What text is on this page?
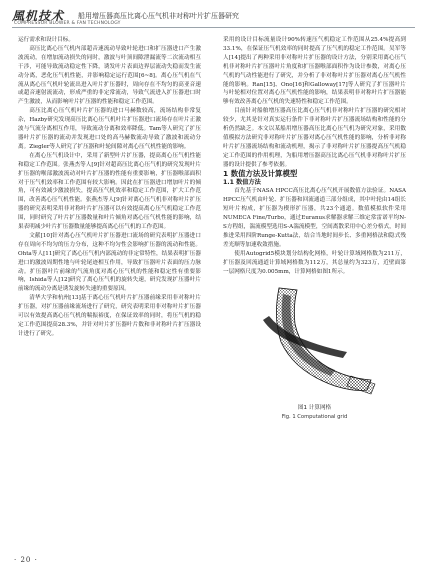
風机技术
COMPRESSOR BLOWER & FAN TECHNOLOGY
船用增压器高压比离心压气机非对称叶片扩压器研究

运行需求和设计目标。

高压比离心压气机内部超音速流动导致叶轮进口和扩压器进口产生激波流动，在增加流动损失的同时，激波与叶顶间隙泄漏流等二次流动相互干涉，可能导致流动稳定性下降，诱发叶片表面边界层流动失稳而发生流动分离，恶化压气机性能，并影响稳定运行范围[6~8]。离心压气机在气流从离心压气机叶轮流出进入叶片扩压器时，周向存在不均匀的高亚音速或超音速射流流动，形成严重的非定常流动，导致气流进入扩压器进口时产生激波，从而影响叶片扩压器的性能和稳定工作范围。

高压比离心压气机叶片扩压器的进口马赫数较高，流场结构非常复杂，Hazby研究发现高压比离心压气机叶片扩压器进口流场存在叶片正激波与气流分离相互作用，导致流动分离和效率降低。Tam等人研究了扩压器叶片扩压器的流动并发现进口处的高马赫数流动导致了激波和流动分离。Ziegler等人研究了扩压器和叶轮间隙对离心压气机性能的影响。

在离心压气机设计中，采用了新型叶片扩压器，提高离心压气机性能和稳定工作范围。张燕杰等人[9]针对超高压比离心压气机的研究发现叶片扩压器的喉部激波流动对叶片扩压器的性能有重要影响，扩压器喉部面积对于压气机效率和工作范围有较大影响。因此在扩压器进口增加叶片的倾角，可有效减少激波损失，提高压气机效率和稳定工作范围，扩大工作范围，改善离心压气机性能。张燕杰等人[9]针对离心压气机非对称叶片扩压器的研究表明采用非对称叶片扩压器可以有效提高离心压气机稳定工作范围，同时研究了叶片扩压器数量和叶片倾角对离心压气机性能的影响，结果表明减少叶片扩压器数量能够提高离心压气机的工作范围。

文献[10]针对离心压气机叶片扩压器进口流场的研究表明扩压器进口存在周向不均匀的压力分布，这种不均匀性会影响扩压器的流动和性能。Ohta等人[11]研究了离心压气机内部流动的非定常特性，结果表明扩压器进口的激波周期性地与叶轮尾迹相互作用，导致扩压器叶片表面的压力脉动。扩压器叶片前缘的气流角度对离心压气机的性能和稳定性有重要影响，Ishida等人[12]研究了离心压气机的旋转失速，研究发现扩压器叶片前缘的流动分离是诱发旋转失速的重要原因。

清华大学和杭州[13]基于离心压气机叶片扩压器前缘采用非对称叶片扩压器，对扩压器前缘流场进行了研究，研究表明采用非对称叶片扩压器可以有效提高离心压气机的喘振裕度，在保证效率的同时，将压气机的稳定工作范围提高28.3%，并针对叶片扩压器叶片数和非对称叶片扩压器设计进行了研究。

采用的设计目标流量设计90%转速压气机稳定工作范围从25.4%提高到33.1%，在保证压气机效率的同时提高了压气机的稳定工作范围。吴军等人[14]提出了两种采用非对称叶片扩压器的设计方法，分别采用离心压气机非对称叶片扩压器叶片角度和扩压器喉部面积作为设计参数，对离心压气机的气动性能进行了研究，并分析了非对称叶片扩压器对离心压气机性能的影响。Ran[15]、Ono[16]和Galloway[17]等人研究了扩压器叶片与叶轮相对位置对离心压气机性能的影响，结果表明非对称叶片扩压器能够有效改善离心压气机的失速特性和稳定工作范围。

目前针对船舶增压器高压比离心压气机非对称叶片扩压器的研究相对较少，尤其是针对真实运行条件下非对称叶片扩压器流场结构和性能的分析仍然缺乏。本文以某船用增压器高压比离心压气机为研究对象，采用数值模拟方法研究非对称叶片扩压器对离心压气机性能的影响，分析非对称叶片扩压器流场结构和流动机理，揭示了非对称叶片扩压器提高压气机稳定工作范围的作用机理，为船用增压器高压比离心压气机非对称叶片扩压器的设计提供了参考依据。

1 数值方法及计算模型

1.1 数值方法

首先基于NASA HPCC高压比离心压气机开展数值方法验证。NASA HPCC压气机由叶轮、扩压器和回流通道三部分组成，其中叶轮由14组长短叶片构成，扩压器为楔形扩压器，共23个通道。数值模拟软件采用NUMECA Fine/Turbo，通过Euranus求解器求解三维定常雷诺平均N-S方程组，湍流模型选用S-A湍流模型，空间离散采用中心差分格式，时间推进采用四阶Runge-Kutta法，结合当地时间步长、多重网格法和隐式残差光顺等加速收敛措施。

使用Autogrid5模块划分结构化网格，叶轮计算域网格数为211万，扩压器及回流通道计算域网格数为112万，其总量约为323万，近壁面第一层网格尺度为0.005mm，计算网格如图1所示。

图1 计算网格
Fig. 1 Computational grid
· 20 ·
